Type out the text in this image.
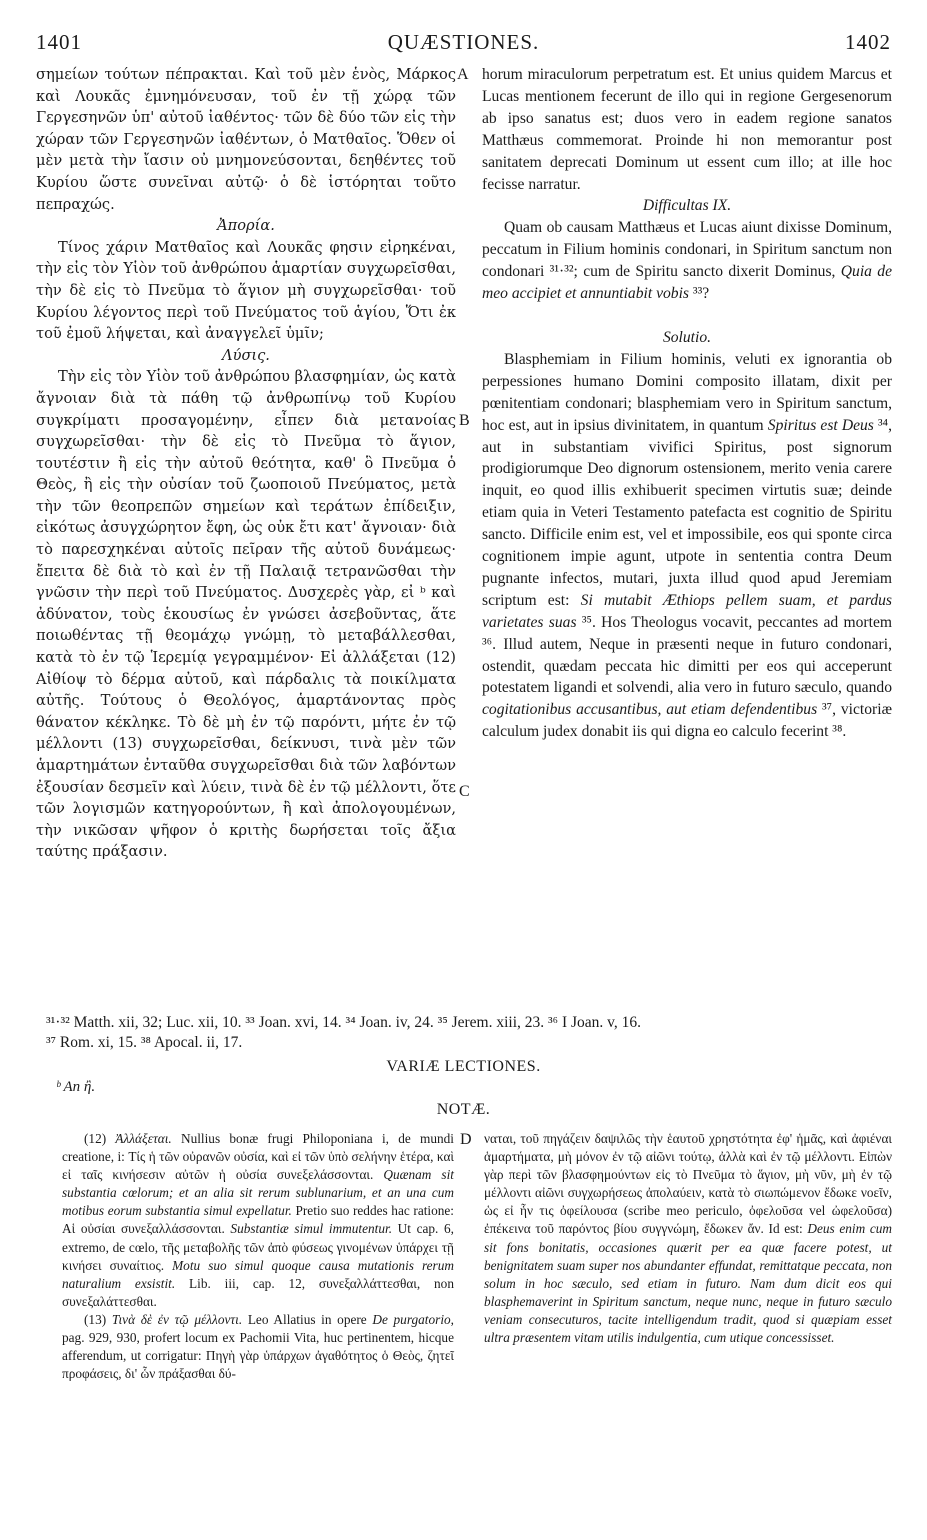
QUÆSTIONES.
1401	1402

σημείων τούτων πέπρακται. Καὶ τοῦ μὲν ἑνὸς, Μάρκος καὶ Λουκᾶς ἐμνημόνευσαν, τοῦ ἐν τῇ χώρᾳ τῶν Γεργεσηνῶν ὑπ' αὐτοῦ ἰαθέντος· τῶν δὲ δύο τῶν εἰς τὴν χώραν τῶν Γεργεσηνῶν ἰαθέντων, ὁ Ματθαῖος. Ὅθεν οἱ μὲν μετὰ τὴν ἴασιν οὐ μνημονεύσονται, δεηθέντες τοῦ Κυρίου ὥστε συνεῖναι αὐτῷ· ὁ δὲ ἱστόρηται τοῦτο πεπραχώς.

Ἀπορία.

Τίνος χάριν Ματθαῖος καὶ Λουκᾶς φησιν εἰρηκέναι, τὴν εἰς τὸν Υἱὸν τοῦ ἀνθρώπου ἁμαρτίαν συγχωρεῖσθαι, τὴν δὲ εἰς τὸ Πνεῦμα τὸ ἅγιον μὴ συγχωρεῖσθαι· τοῦ Κυρίου λέγοντος περὶ τοῦ Πνεύματος τοῦ ἁγίου, Ὅτι ἐκ τοῦ ἐμοῦ λήψεται, καὶ ἀναγγελεῖ ὑμῖν;

Λύσις.

Τὴν εἰς τὸν Υἱὸν τοῦ ἀνθρώπου βλασφημίαν, ὡς κατὰ ἄγνοιαν διὰ τὰ πάθη τῷ ἀνθρωπίνῳ τοῦ Κυρίου συγκρίματι προσαγομένην, εἶπεν διὰ μετανοίας συγχωρεῖσθαι· τὴν δὲ εἰς τὸ Πνεῦμα τὸ ἅγιον, τουτέστιν ἢ εἰς τὴν αὐτοῦ θεότητα, καθ' ὃ Πνεῦμα ὁ Θεὸς, ἢ εἰς τὴν οὐσίαν τοῦ ζωοποιοῦ Πνεύματος, μετὰ τὴν τῶν θεοπρεπῶν σημείων καὶ τεράτων ἐπίδειξιν, εἰκότως ἀσυγχώρητον ἔφη, ὡς οὐκ ἔτι κατ' ἄγνοιαν· διὰ τὸ παρεσχηκέναι αὐτοῖς πεῖραν τῆς αὐτοῦ δυνάμεως· ἔπειτα δὲ διὰ τὸ καὶ ἐν τῇ Παλαιᾷ τετρανῶσθαι τὴν γνῶσιν τὴν περὶ τοῦ Πνεύματος. Δυσχερὲς γὰρ, εἰ ᵇ καὶ ἀδύνατον, τοὺς ἑκουσίως ἐν γνώσει ἀσεβοῦντας, ἅτε ποιωθέντας τῇ θεομάχῳ γνώμῃ, τὸ μεταβάλλεσθαι, κατὰ τὸ ἐν τῷ Ἱερεμίᾳ γεγραμμένον· Εἰ ἀλλάξεται (12) Αἰθίοψ τὸ δέρμα αὐτοῦ, καὶ πάρδαλις τὰ ποικίλματα αὐτῆς. Τούτους ὁ Θεολόγος, ἁμαρτάνοντας πρὸς θάνατον κέκληκε. Τὸ δὲ μὴ ἐν τῷ παρόντι, μήτε ἐν τῷ μέλλοντι (13) συγχωρεῖσθαι, δείκνυσι, τινὰ μὲν τῶν ἁμαρτημάτων ἐνταῦθα συγχωρεῖσθαι διὰ τῶν λαβόντων ἐξουσίαν δεσμεῖν καὶ λύειν, τινὰ δὲ ἐν τῷ μέλλοντι, ὅτε τῶν λογισμῶν κατηγορούντων, ἢ καὶ ἀπολογουμένων, τὴν νικῶσαν ψῆφον ὁ κριτὴς δωρήσεται τοῖς ἄξια ταύτης πράξασιν.

A
B
C
D

horum miraculorum perpetratum est. Et unius quidem Marcus et Lucas mentionem fecerunt de illo qui in regione Gergesenorum ab ipso sanatus est; duos vero in eadem regione sanatos Matthæus commemorat. Proinde hi non memorantur post sanitatem deprecati Dominum ut essent cum illo; at ille hoc fecisse narratur.

Difficultas IX.

Quam ob causam Matthæus et Lucas aiunt dixisse Dominum, peccatum in Filium hominis condonari, in Spiritum sanctum non condonari ³¹·³²; cum de Spiritu sancto dixerit Dominus, Quia de meo accipiet et annuntiabit vobis ³³?

Solutio.

Blasphemiam in Filium hominis, veluti ex ignorantia ob perpessiones humano Domini composito illatam, dixit per pœnitentiam condonari; blasphemiam vero in Spiritum sanctum, hoc est, aut in ipsius divinitatem, in quantum Spiritus est Deus ³⁴, aut in substantiam vivifici Spiritus, post signorum prodigiorumque Deo dignorum ostensionem, merito venia carere inquit, eo quod illis exhibuerit specimen virtutis suæ; deinde etiam quia in Veteri Testamento patefacta est cognitio de Spiritu sancto. Difficile enim est, vel et impossibile, eos qui sponte circa cognitionem impie agunt, utpote in sententia contra Deum pugnante infectos, mutari, juxta illud quod apud Jeremiam scriptum est: Si mutabit Æthiops pellem suam, et pardus varietates suas ³⁵. Hos Theologus vocavit, peccantes ad mortem ³⁶. Illud autem, Neque in præsenti neque in futuro condonari, ostendit, quædam peccata hic dimitti per eos qui acceperunt potestatem ligandi et solvendi, alia vero in futuro sæculo, quando cogitationibus accusantibus, aut etiam defendentibus ³⁷, victoriæ calculum judex donabit iis qui digna eo calculo fecerint ³⁸.

³¹·³² Matth. xii, 32; Luc. xii, 10. ³³ Joan. xvi, 14. ³⁴ Joan. iv, 24. ³⁵ Jerem. xiii, 23. ³⁶ I Joan. v, 16.

³⁷ Rom. xi, 15. ³⁸ Apocal. ii, 17.

VARIÆ LECTIONES.
ᵇ An ἢ.
NOTÆ.

(12) Ἀλλάξεται. Nullius bonæ frugi Philoponiana i, de mundi creatione, i: Τίς ἡ τῶν οὐρανῶν οὐσία, καὶ εἰ τῶν ὑπὸ σελήνην ἑτέρα, καὶ εἰ ταῖς κινήσεσιν αὐτῶν ἡ οὐσία συνεξελάσσονται. Quænam sit substantia cœlorum; et an alia sit rerum sublunarium, et an una cum motibus eorum substantia simul expellatur. Pretio suo reddes hac ratione: Αἱ οὐσίαι συνεξαλλάσσονται. Substantiæ simul immutentur. Ut cap. 6, extremo, de cœlo, τῆς μεταβολῆς τῶν ἀπὸ φύσεως γινομένων ὑπάρχει τῇ κινήσει συναίτιος. Motu suo simul quoque causa mutationis rerum naturalium exsistit. Lib. iii, cap. 12, συνεξαλλάττεσθαι, non συνεξαλάττεσθαι.

(13) Τινὰ δὲ ἐν τῷ μέλλοντι. Leo Allatius in opere De purgatorio, pag. 929, 930, profert locum ex Pachomii Vita, huc pertinentem, hicque afferendum, ut corrigatur: Πηγὴ γὰρ ὑπάρχων ἀγαθότητος ὁ Θεὸς, ζητεῖ προφάσεις, δι' ὧν πράξασθαι δύ-

ναται, τοῦ πηγάζειν δαψιλῶς τὴν ἑαυτοῦ χρηστότητα ἐφ' ἡμᾶς, καὶ ἀφιέναι ἁμαρτήματα, μὴ μόνον ἐν τῷ αἰῶνι τούτῳ, ἀλλὰ καὶ ἐν τῷ μέλλοντι. Εἰπὼν γὰρ περὶ τῶν βλασφημούντων εἰς τὸ Πνεῦμα τὸ ἅγιον, μὴ νῦν, μὴ ἐν τῷ μέλλοντι αἰῶνι συγχωρήσεως ἀπολαύειν, κατὰ τὸ σιωπώμενον ἔδωκε νοεῖν, ὡς εἰ ἦν τις ὀφείλουσα (scribe meo periculo, ὀφελοῦσα vel ὠφελοῦσα) ἐπέκεινα τοῦ παρόντος βίου συγγνώμη, ἔδωκεν ἄν. Id est: Deus enim cum sit fons bonitatis, occasiones quærit per ea quæ facere potest, ut benignitatem suam super nos abundanter effundat, remittatque peccata, non solum in hoc sæculo, sed etiam in futuro. Nam dum dicit eos qui blasphemaverint in Spiritum sanctum, neque nunc, neque in futuro sæculo veniam consecuturos, tacite intelligendum tradit, quod si quæpiam esset ultra præsentem vitam utilis indulgentia, cum utique concessisset.
